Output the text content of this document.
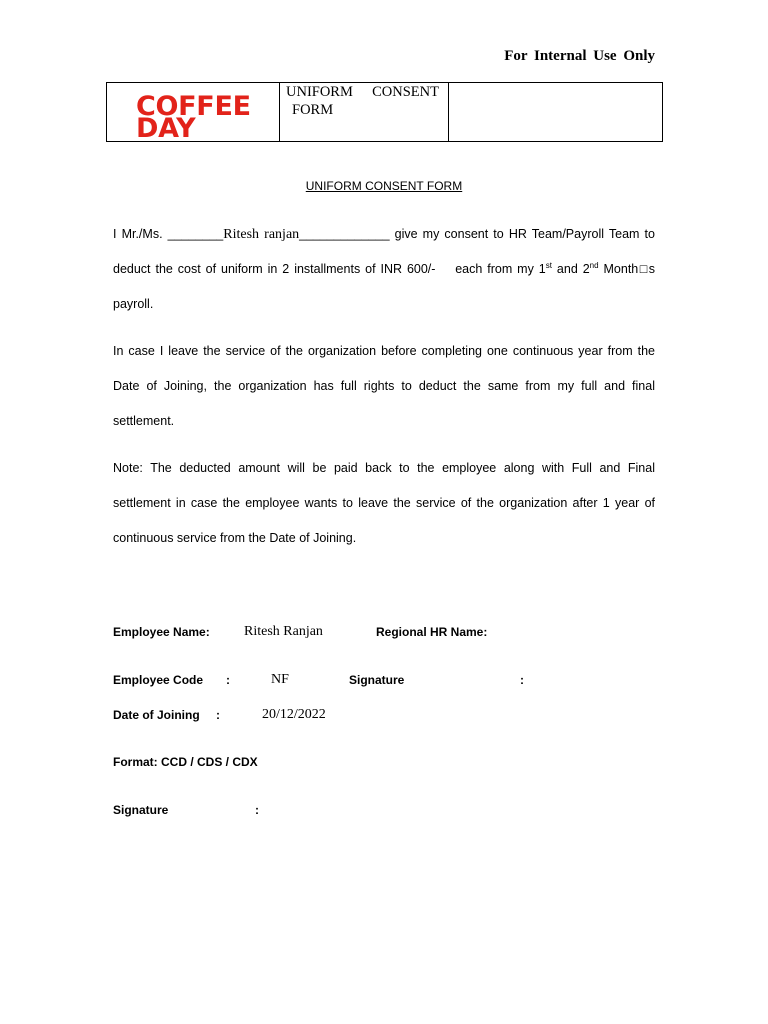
For Internal Use Only
COFFEE
DAY
UNIFORM CONSENT
FORM
UNIFORM CONSENT FORM
I Mr./Ms. ________Ritesh ranjan_____________ give my consent to HR Team/Payroll Team to
deduct the cost of uniform in 2 installments of INR 600/-    each from my 1st and 2nd Month□s
payroll.
In case I leave the service of the organization before completing one continuous year from the
Date of Joining, the organization has full rights to deduct the same from my full and final
settlement.
Note: The deducted amount will be paid back to the employee along with Full and Final
settlement in case the employee wants to leave the service of the organization after 1 year of
continuous service from the Date of Joining.
Employee Name: Ritesh Ranjan	Regional HR Name:
Employee Code :	NF	Signature	:
Date of Joining :	20/12/2022
Format: CCD / CDS / CDX
Signature	:
